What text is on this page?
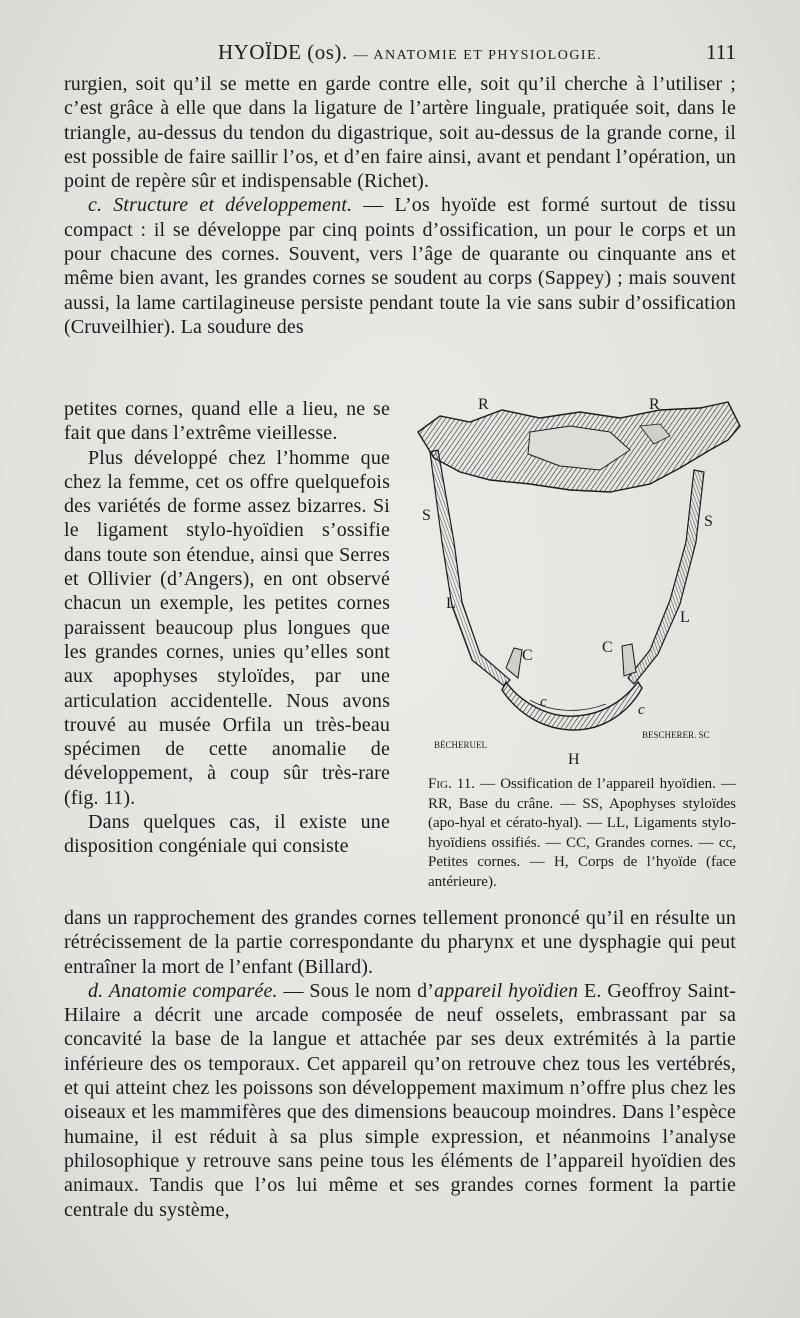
HYOÏDE (os). — ANATOMIE ET PHYSIOLOGIE.	111

rurgien, soit qu’il se mette en garde contre elle, soit qu’il cherche à l’utiliser ; c’est grâce à elle que dans la ligature de l’artère linguale, pratiquée soit, dans le triangle, au-dessus du tendon du digastrique, soit au-dessus de la grande corne, il est possible de faire saillir l’os, et d’en faire ainsi, avant et pendant l’opération, un point de repère sûr et indispensable (Richet).

c. Structure et développement. — L’os hyoïde est formé surtout de tissu compact : il se développe par cinq points d’ossification, un pour le corps et un pour chacune des cornes. Souvent, vers l’âge de quarante ou cinquante ans et même bien avant, les grandes cornes se soudent au corps (Sappey) ; mais souvent aussi, la lame cartilagineuse persiste pendant toute la vie sans subir d’ossification (Cruveilhier). La soudure des

petites cornes, quand elle a lieu, ne se fait que dans l’extrême vieillesse.

Plus développé chez l’homme que chez la femme, cet os offre quelquefois des variétés de forme assez bizarres. Si le ligament stylo-hyoïdien s’ossifie dans toute son étendue, ainsi que Serres et Ollivier (d’Angers), en ont observé chacun un exemple, les petites cornes paraissent beaucoup plus longues que les grandes cornes, unies qu’elles sont aux apophyses styloïdes, par une articulation accidentelle. Nous avons trouvé au musée Orfila un très-beau spécimen de cette anomalie de développement, à coup sûr très-rare (fig. 11).

Dans quelques cas, il existe une disposition congéniale qui consiste

R	R
S	S
L
L
C	C
c	c
H
BÉCHERUEL
BESCHERER. SC
Fig. 11. — Ossification de l’appareil hyoïdien. — RR, Base du crâne. — SS, Apophyses styloïdes (apo-hyal et cérato-hyal). — LL, Ligaments stylo-hyoïdiens ossifiés. — CC, Grandes cornes. — cc, Petites cornes. — H, Corps de l’hyoïde (face antérieure).

dans un rapprochement des grandes cornes tellement prononcé qu’il en résulte un rétrécissement de la partie correspondante du pharynx et une dysphagie qui peut entraîner la mort de l’enfant (Billard).

d. Anatomie comparée. — Sous le nom d’appareil hyoïdien E. Geoffroy Saint-Hilaire a décrit une arcade composée de neuf osselets, embrassant par sa concavité la base de la langue et attachée par ses deux extrémités à la partie inférieure des os temporaux. Cet appareil qu’on retrouve chez tous les vertébrés, et qui atteint chez les poissons son développement maximum n’offre plus chez les oiseaux et les mammifères que des dimensions beaucoup moindres. Dans l’espèce humaine, il est réduit à sa plus simple expression, et néanmoins l’analyse philosophique y retrouve sans peine tous les éléments de l’appareil hyoïdien des animaux. Tandis que l’os lui même et ses grandes cornes forment la partie centrale du système,
